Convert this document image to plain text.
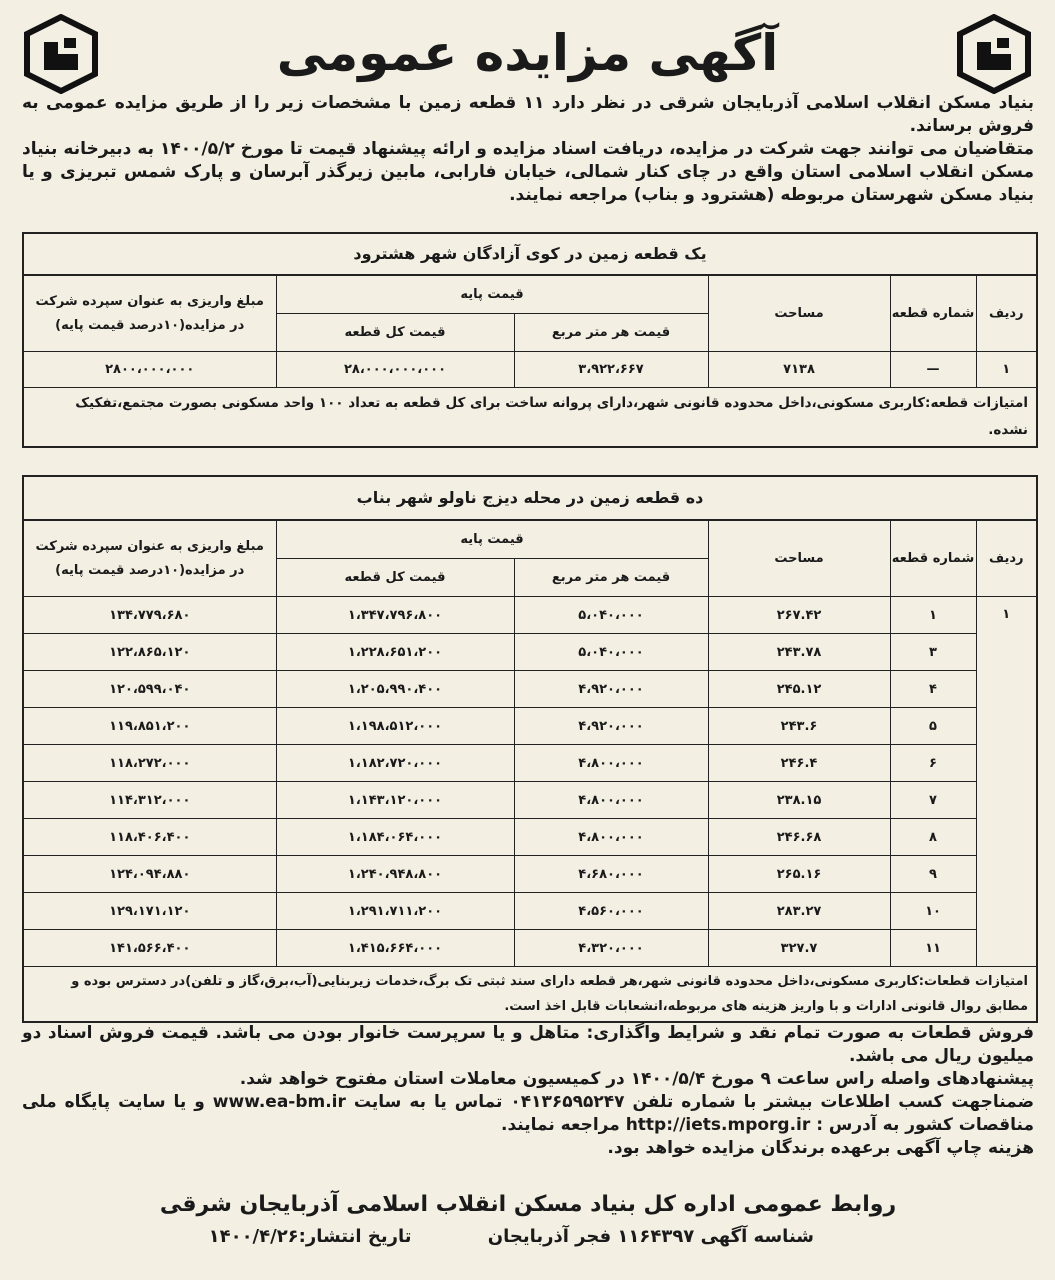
آگهی مزایده عمومی

بنیاد مسکن انقلاب اسلامی آذربایجان شرقی در نظر دارد ۱۱ قطعه زمین با مشخصات زیر را از طریق مزایده عمومی به فروش برساند.

متقاضیان می توانند جهت شرکت در مزایده، دریافت اسناد مزایده و ارائه پیشنهاد قیمت تا مورخ ۱۴۰۰/۵/۲ به دبیرخانه بنیاد مسکن انقلاب اسلامی استان واقع در چای کنار شمالی، خیابان فارابی، مابین زیرگذر آبرسان و پارک شمس تبریزی و یا بنیاد مسکن شهرستان مربوطه (هشترود و بناب) مراجعه نمایند.

یک قطعه زمین در کوی آزادگان شهر هشترود
ردیف	شماره قطعه	مساحت	قیمت پایه		مبلغ واریزی به عنوان سپرده شرکت
در مزایده(۱۰درصد قیمت پایه)
			قیمت هر متر مربع	قیمت کل قطعه	
۱	—	۷۱۳۸	۳،۹۲۲،۶۶۷	۲۸،۰۰۰،۰۰۰،۰۰۰	۲۸۰۰،۰۰۰،۰۰۰
امتیازات قطعه:کاربری مسکونی،داخل محدوده قانونی شهر،دارای پروانه ساخت برای کل قطعه به تعداد ۱۰۰ واحد مسکونی بصورت مجتمع،تفکیک نشده.
ده قطعه زمین در محله دیزج ناولو شهر بناب
ردیف	شماره قطعه	مساحت	قیمت پایه		مبلغ واریزی به عنوان سپرده شرکت
در مزایده(۱۰درصد قیمت پایه)
			قیمت هر متر مربع	قیمت کل قطعه	
۱	۱	۲۶۷.۴۲	۵،۰۴۰،۰۰۰	۱،۳۴۷،۷۹۶،۸۰۰	۱۳۴،۷۷۹،۶۸۰
	۳	۲۴۳.۷۸	۵،۰۴۰،۰۰۰	۱،۲۲۸،۶۵۱،۲۰۰	۱۲۲،۸۶۵،۱۲۰
	۴	۲۴۵.۱۲	۴،۹۲۰،۰۰۰	۱،۲۰۵،۹۹۰،۴۰۰	۱۲۰،۵۹۹،۰۴۰
	۵	۲۴۳.۶	۴،۹۲۰،۰۰۰	۱،۱۹۸،۵۱۲،۰۰۰	۱۱۹،۸۵۱،۲۰۰
	۶	۲۴۶.۴	۴،۸۰۰،۰۰۰	۱،۱۸۲،۷۲۰،۰۰۰	۱۱۸،۲۷۲،۰۰۰
	۷	۲۳۸.۱۵	۴،۸۰۰،۰۰۰	۱،۱۴۳،۱۲۰،۰۰۰	۱۱۴،۳۱۲،۰۰۰
	۸	۲۴۶.۶۸	۴،۸۰۰،۰۰۰	۱،۱۸۴،۰۶۴،۰۰۰	۱۱۸،۴۰۶،۴۰۰
	۹	۲۶۵.۱۶	۴،۶۸۰،۰۰۰	۱،۲۴۰،۹۴۸،۸۰۰	۱۲۴،۰۹۴،۸۸۰
	۱۰	۲۸۳.۲۷	۴،۵۶۰،۰۰۰	۱،۲۹۱،۷۱۱،۲۰۰	۱۲۹،۱۷۱،۱۲۰
	۱۱	۳۲۷.۷	۴،۳۲۰،۰۰۰	۱،۴۱۵،۶۶۴،۰۰۰	۱۴۱،۵۶۶،۴۰۰
امتیازات قطعات:کاربری مسکونی،داخل محدوده قانونی شهر،هر قطعه دارای سند ثبتی تک برگ،خدمات زیربنایی(آب،برق،گاز و تلفن)در دسترس بوده و مطابق روال قانونی ادارات و با واریز هزینه های مربوطه،انشعابات قابل اخذ است.

فروش قطعات به صورت تمام نقد و شرایط واگذاری: متاهل و یا سرپرست خانوار بودن می باشد. قیمت فروش اسناد دو میلیون ریال می باشد.

پیشنهادهای واصله راس ساعت ۹ مورخ ۱۴۰۰/۵/۴ در کمیسیون معاملات استان مفتوح خواهد شد.

ضمناجهت کسب اطلاعات بیشتر با شماره تلفن ۰۴۱۳۶۵۹۵۲۴۷ تماس یا به سایت www.ea-bm.ir و یا سایت پایگاه ملی مناقصات کشور به آدرس : http://iets.mporg.ir مراجعه نمایند.

هزینه چاپ آگهی برعهده برندگان مزایده خواهد بود.

روابط عمومی اداره کل بنیاد مسکن انقلاب اسلامی آذربایجان شرقی
شناسه آگهی ۱۱۶۴۳۹۷ فجر آذربایجان تاریخ انتشار:۱۴۰۰/۴/۲۶
